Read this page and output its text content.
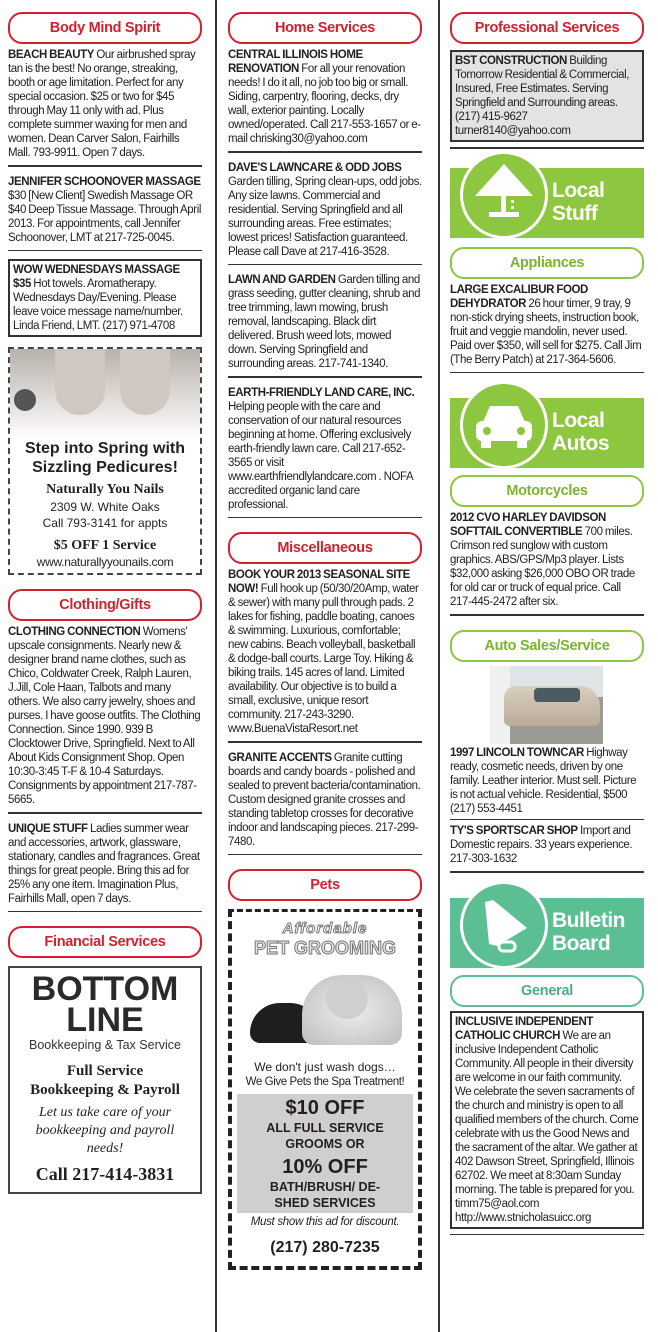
Body Mind Spirit
BEACH BEAUTY Our airbrushed spray tan is the best! No orange, streaking, booth or age limitation. Perfect for any special occasion. $25 or two for $45 through May 11 only with ad. Plus complete summer waxing for men and women. Dean Carver Salon, Fairhills Mall. 793-9911. Open 7 days.
JENNIFER SCHOONOVER MASSAGE $30 [New Client] Swedish Massage OR $40 Deep Tissue Massage. Through April 2013. For appointments, call Jennifer Schoonover, LMT at 217-725-0045.
WOW WEDNESDAYS MASSAGE $35 Hot towels. Aromatherapy. Wednesdays Day/Evening. Please leave voice message name/number. Linda Friend, LMT. (217) 971-4708
Step into Spring with Sizzling Pedicures!
Naturally You Nails
2309 W. White Oaks
Call 793-3141 for appts
$5 OFF 1 Service
www.naturallyyounails.com
Clothing/Gifts
CLOTHING CONNECTION Womens' upscale consignments. Nearly new & designer brand name clothes, such as Chico, Coldwater Creek, Ralph Lauren, J.Jill, Cole Haan, Talbots and many others. We also carry jewelry, shoes and purses. I have goose outfits. The Clothing Connection. Since 1990. 939 B Clocktower Drive, Springfield. Next to All About Kids Consignment Shop. Open 10:30-3:45 T-F & 10-4 Saturdays. Consignments by appointment 217-787-5665.
UNIQUE STUFF Ladies summer wear and accessories, artwork, glassware, stationary, candles and fragrances. Great things for great people. Bring this ad for 25% any one item. Imagination Plus, Fairhills Mall, open 7 days.
Financial Services
BOTTOM
LINE
Bookkeeping & Tax Service
Full Service
Bookkeeping & Payroll
Let us take care of your bookkeeping and payroll needs!
Call 217-414-3831
Home Services
CENTRAL ILLINOIS HOME RENOVATION For all your renovation needs! I do it all, no job too big or small. Siding, carpentry, flooring, decks, dry wall, exterior painting. Locally owned/operated. Call 217-553-1657 or e-mail chrisking30@yahoo.com
DAVE'S LAWNCARE & ODD JOBS Garden tilling, Spring clean-ups, odd jobs. Any size lawns. Commercial and residential. Serving Springfield and all surrounding areas. Free estimates; lowest prices! Satisfaction guaranteed. Please call Dave at 217-416-3528.
LAWN AND GARDEN Garden tilling and grass seeding, gutter cleaning, shrub and tree trimming, lawn mowing, brush removal, landscaping. Black dirt delivered. Brush weed lots, mowed down. Serving Springfield and surrounding areas. 217-741-1340.
EARTH-FRIENDLY LAND CARE, INC. Helping people with the care and conservation of our natural resources beginning at home. Offering exclusively earth-friendly lawn care. Call 217-652-3565 or visit www.earthfriendlylandcare.com . NOFA accredited organic land care professional.
Miscellaneous
BOOK YOUR 2013 SEASONAL SITE NOW! Full hook up (50/30/20Amp, water & sewer) with many pull through pads. 2 lakes for fishing, paddle boating, canoes & swimming. Luxurious, comfortable; new cabins. Beach volleyball, basketball & dodge-ball courts. Large Toy. Hiking & biking trails. 145 acres of land. Limited availability. Our objective is to build a small, exclusive, unique resort community. 217-243-3290. www.BuenaVistaResort.net
GRANITE ACCENTS Granite cutting boards and candy boards - polished and sealed to prevent bacteria/contamination. Custom designed granite crosses and standing tabletop crosses for decorative indoor and landscaping pieces. 217-299-7480.
Pets
Affordable
PET GROOMING
We don't just wash dogs…
We Give Pets the Spa Treatment!
$10 OFF
ALL FULL SERVICE GROOMS OR
10% OFF
BATH/BRUSH/ DE-SHED SERVICES
Must show this ad for discount.
(217) 280-7235
Professional Services
BST CONSTRUCTION Building Tomorrow Residential & Commercial, Insured, Free Estimates. Serving Springfield and Surrounding areas. (217) 415-9627 turner8140@yahoo.com
Local Stuff
Appliances
LARGE EXCALIBUR FOOD DEHYDRATOR 26 hour timer, 9 tray, 9 non-stick drying sheets, instruction book, fruit and veggie mandolin, never used. Paid over $350, will sell for $275. Call Jim (The Berry Patch) at 217-364-5606.
Local Autos
Motorcycles
2012 CVO HARLEY DAVIDSON SOFTTAIL CONVERTIBLE 700 miles. Crimson red sunglow with custom graphics. ABS/GPS/Mp3 player. Lists $32,000 asking $26,000 OBO OR trade for old car or truck of equal price. Call 217-445-2472 after six.
Auto Sales/Service
1997 LINCOLN TOWNCAR Highway ready, cosmetic needs, driven by one family. Leather interior. Must sell. Picture is not actual vehicle. Residential, $500 (217) 553-4451
TY'S SPORTSCAR SHOP Import and Domestic repairs. 33 years experience. 217-303-1632
Bulletin Board
General
INCLUSIVE INDEPENDENT CATHOLIC CHURCH We are an inclusive Independent Catholic Community. All people in their diversity are welcome in our faith community. We celebrate the seven sacraments of the church and ministry is open to all qualified members of the church. Come celebrate with us the Good News and the sacrament of the altar. We gather at 402 Dawson Street, Springfield, Illinois 62702. We meet at 8:30am Sunday morning. The table is prepared for you. timm75@aol.com http://www.stnicholasuicc.org
